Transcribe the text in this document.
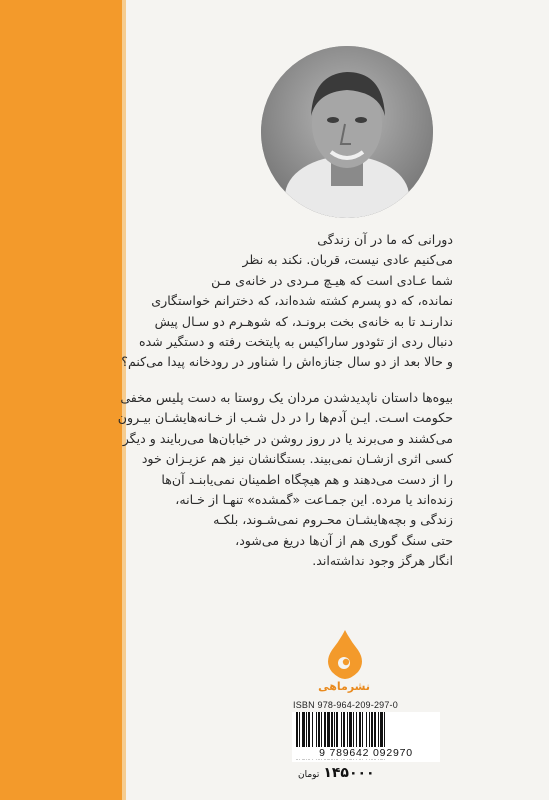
دورانی که ما در آن زندگی

می‌کنیم عادی نیست، قربان. نکند به نظر

شما عـادی است که هیـچ مـردی در خانه‌ی مـن

نمانده، که دو پسرم کشته شده‌اند، که دخترانم خواستگاری

ندارنـد تا به خانه‌ی بخت برونـد، که شوهـرم دو سـال پیش

دنبال ردی از تئودور ساراکیس به پایتخت رفته و دستگیر شده

و حالا بعد از دو سال جنازه‌اش را شناور در رودخانه پیدا می‌کنم؟

بیوه‌ها داستان ناپدیدشدن مردان یک روستا به دست پلیس مخفی

حکومت اسـت. ایـن آدم‌ها را در دل شـب از خـانه‌هایشـان بیـرون

می‌کشند و می‌برند یا در روز روشن در خیابان‌ها می‌ربایند و دیگر

کسی اثری ازشـان نمی‌بیند. بستگانشان نیز هم عزیـزان خود

را از دست می‌دهند و هم هیچگاه اطمینان نمی‌یابنـد آن‌ها

زنده‌اند یا مرده. این جمـاعت «گمشده» تنهـا از خـانه،

زندگی و بچه‌هایشـان محـروم نمی‌شـوند، بلکـه

حتی سنگ گوری هم از آن‌ها دریغ می‌شود،

انگار هرگز وجود نداشته‌اند.

نشرماهی
ISBN 978-964-209-297-0
9 789642 092970
۱۴۵۰۰۰تومان
